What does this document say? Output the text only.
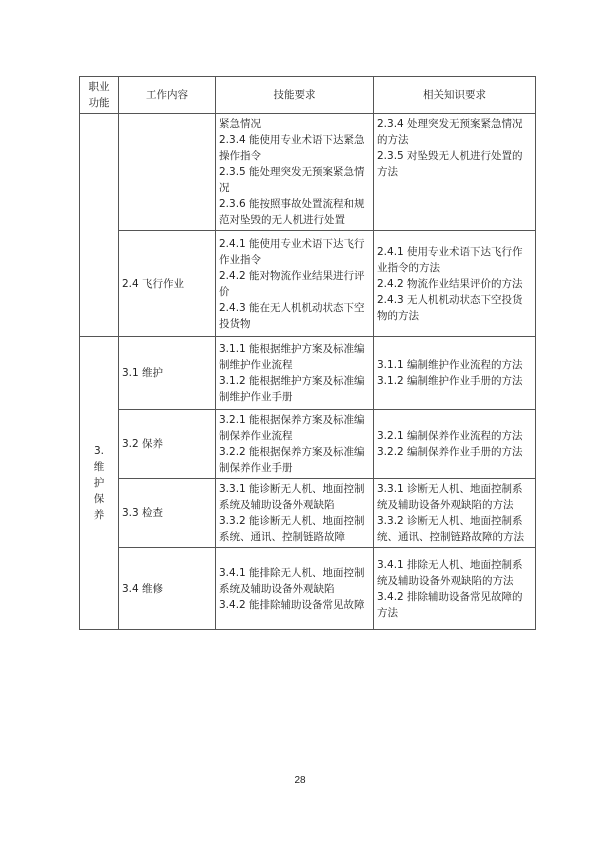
职业
功能	工作内容	技能要求	相关知识要求

		紧急情况
2.3.4 能使用专业术语下达紧急操作指令
2.3.5 能处理突发无预案紧急情况
2.3.6 能按照事故处置流程和规范对坠毁的无人机进行处置	2.3.4 处理突发无预案紧急情况的方法
2.3.5 对坠毁无人机进行处置的方法

	2.4 飞行作业	2.4.1 能使用专业术语下达飞行作业指令
2.4.2 能对物流作业结果进行评价
2.4.3 能在无人机机动状态下空投货物	2.4.1 使用专业术语下达飞行作业指令的方法
2.4.2 物流作业结果评价的方法
2.4.3 无人机机动状态下空投货物的方法

3.
维
护
保
养	3.1 维护	3.1.1 能根据维护方案及标准编制维护作业流程
3.1.2 能根据维护方案及标准编制维护作业手册	3.1.1 编制维护作业流程的方法
3.1.2 编制维护作业手册的方法

	3.2 保养	3.2.1 能根据保养方案及标准编制保养作业流程
3.2.2 能根据保养方案及标准编制保养作业手册	3.2.1 编制保养作业流程的方法
3.2.2 编制保养作业手册的方法

	3.3 检查	3.3.1 能诊断无人机、地面控制系统及辅助设备外观缺陷
3.3.2 能诊断无人机、地面控制系统、通讯、控制链路故障	3.3.1 诊断无人机、地面控制系统及辅助设备外观缺陷的方法
3.3.2 诊断无人机、地面控制系统、通讯、控制链路故障的方法

	3.4 维修	3.4.1 能排除无人机、地面控制系统及辅助设备外观缺陷
3.4.2 能排除辅助设备常见故障	3.4.1 排除无人机、地面控制系统及辅助设备外观缺陷的方法
3.4.2 排除辅助设备常见故障的方法
28
